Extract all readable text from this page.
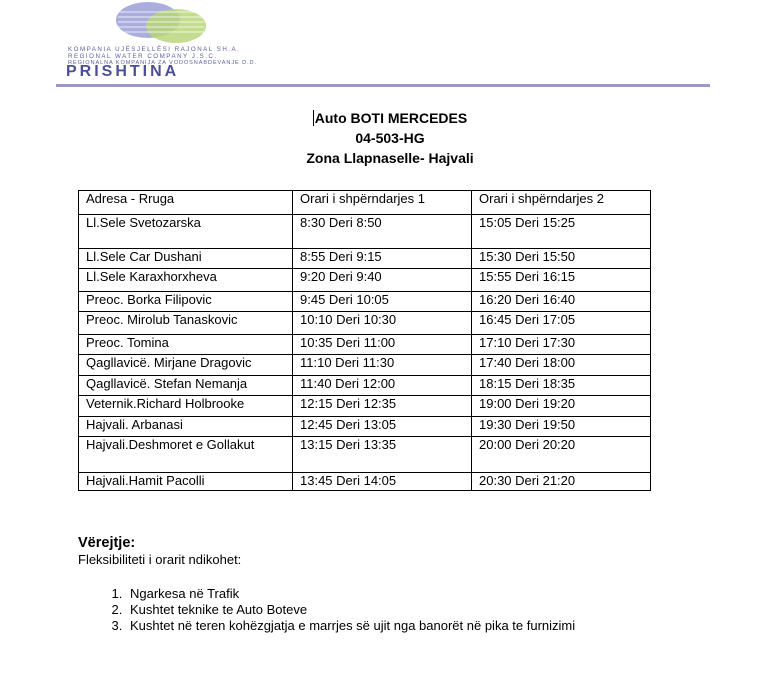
KOMPANIA UJËSJELLËSI RAJONAL SH.A.
REGIONAL WATER COMPANY J.S.C.
REGIONALNA KOMPANIJA ZA VODOSNABDEVANJE D.D.
PRISHTINA
Auto BOTI MERCEDES
04-503-HG
Zona Llapnaselle- Hajvali
Adresa - Rruga	Orari i shpërndarjes 1	Orari i shpërndarjes 2
Ll.Sele Svetozarska	8:30 Deri 8:50	15:05 Deri 15:25
Ll.Sele Car Dushani	8:55 Deri 9:15	15:30 Deri 15:50
Ll.Sele Karaxhorxheva	9:20 Deri 9:40	15:55 Deri 16:15
Preoc. Borka Filipovic	9:45 Deri 10:05	16:20 Deri 16:40
Preoc. Mirolub Tanaskovic	10:10 Deri 10:30	16:45 Deri 17:05
Preoc. Tomina	10:35 Deri 11:00	17:10 Deri 17:30
Qagllavicë. Mirjane Dragovic	11:10 Deri 11:30	17:40 Deri 18:00
Qagllavicë. Stefan Nemanja	11:40 Deri 12:00	18:15 Deri 18:35
Veternik.Richard Holbrooke	12:15 Deri 12:35	19:00 Deri 19:20
Hajvali. Arbanasi	12:45 Deri 13:05	19:30 Deri 19:50
Hajvali.Deshmoret e Gollakut	13:15 Deri 13:35	20:00 Deri 20:20
Hajvali.Hamit Pacolli	13:45 Deri 14:05	20:30 Deri 21:20
Vërejtje:
Fleksibiliteti i orarit ndikohet:
1. Ngarkesa në Trafik
2. Kushtet teknike te Auto Boteve
3. Kushtet në teren kohëzgjatja e marrjes së ujit nga banorët në pika te furnizimi
